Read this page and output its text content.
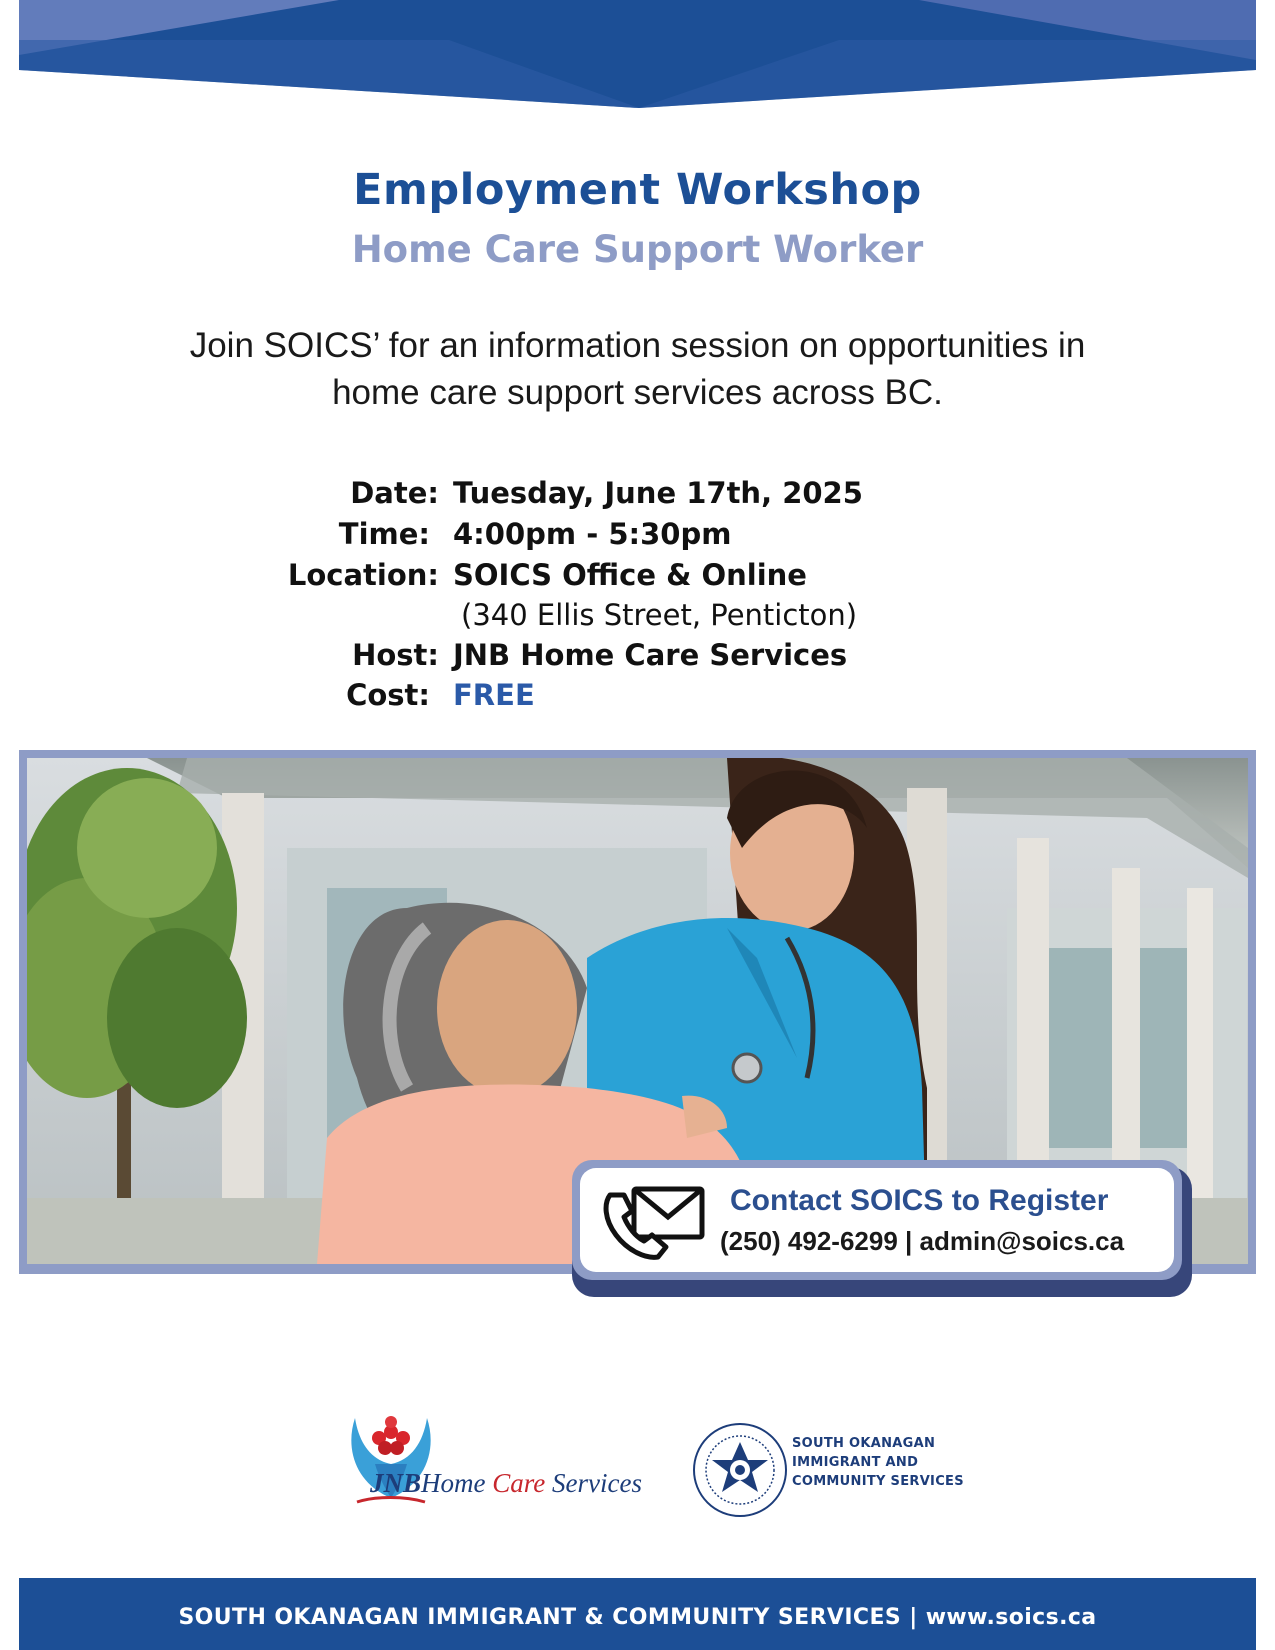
Employment Workshop
Home Care Support Worker
Join SOICS’ for an information session on opportunities in
home care support services across BC.
Date: Tuesday, June 17th, 2025
Time: 4:00pm - 5:30pm
Location: SOICS Office & Online
(340 Ellis Street, Penticton)
Host: JNB Home Care Services
Cost: FREE
Contact SOICS to Register
(250) 492-6299 | admin@soics.ca
JNBHome Care Services
SOUTH OKANAGAN
IMMIGRANT AND
COMMUNITY SERVICES
SOUTH OKANAGAN IMMIGRANT & COMMUNITY SERVICES | www.soics.ca
